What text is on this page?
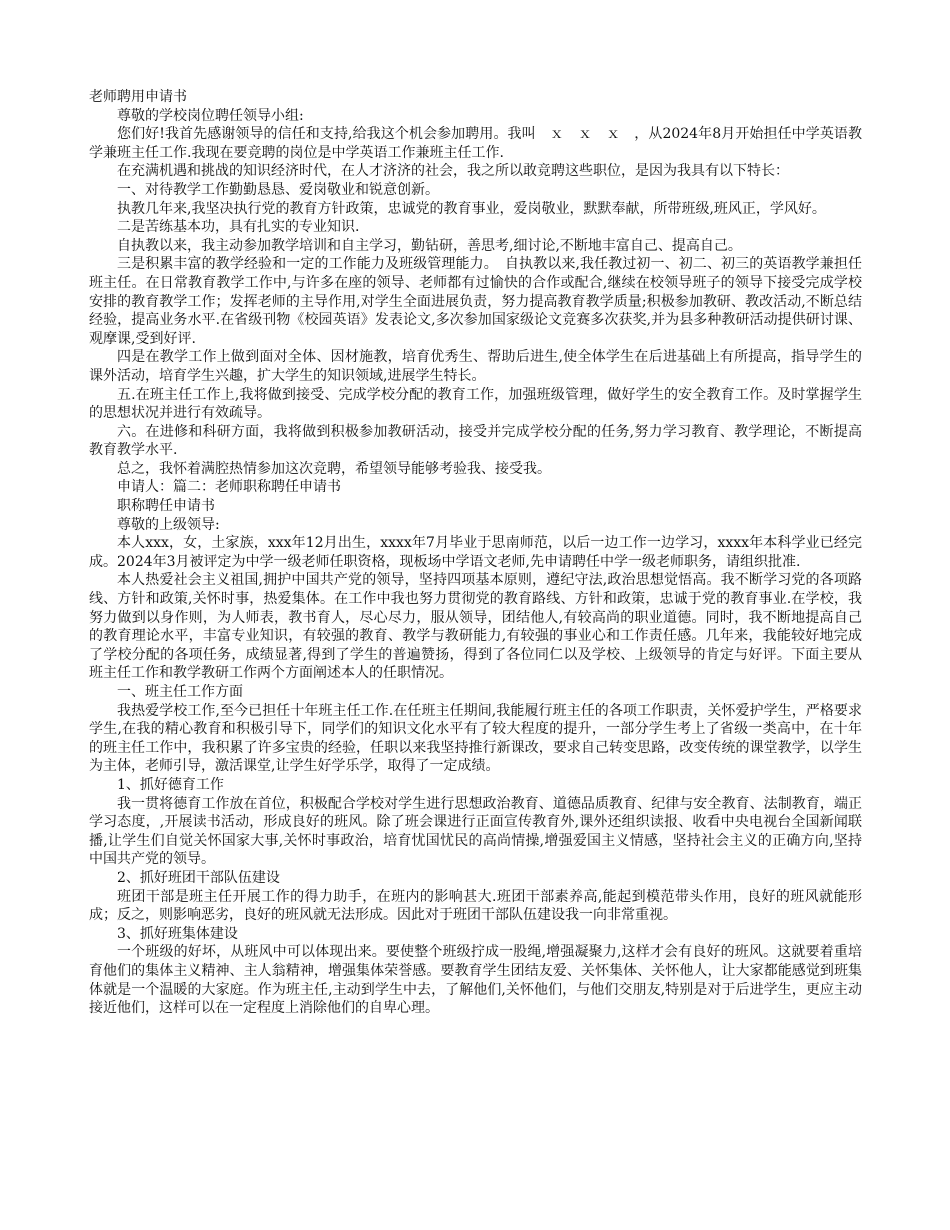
老师聘用申请书

尊敬的学校岗位聘任领导小组:

您们好!我首先感谢领导的信任和支持,给我这个机会参加聘用。我叫　ｘ　ｘ　ｘ　，从2024年8月开始担任中学英语教学兼班主任工作.我现在要竞聘的岗位是中学英语工作兼班主任工作.

在充满机遇和挑战的知识经济时代，在人才济济的社会，我之所以敢竞聘这些职位，是因为我具有以下特长：

一、对待教学工作勤勤恳恳、爱岗敬业和锐意创新。

执教几年来,我坚决执行党的教育方针政策，忠诚党的教育事业，爱岗敬业，默默奉献，所带班级,班风正，学风好。

二是苦练基本功，具有扎实的专业知识.

自执教以来，我主动参加教学培训和自主学习，勤钻研，善思考,细讨论,不断地丰富自己、提高自己。

三是积累丰富的教学经验和一定的工作能力及班级管理能力。　自执教以来,我任教过初一、初二、初三的英语教学兼担任班主任。在日常教育教学工作中,与许多在座的领导、老师都有过愉快的合作或配合,继续在校领导班子的领导下接受完成学校安排的教育教学工作；发挥老师的主导作用,对学生全面进展负责，努力提高教育教学质量;积极参加教研、教改活动,不断总结经验，提高业务水平.在省级刊物《校园英语》发表论文,多次参加国家级论文竞赛多次获奖,并为县多种教研活动提供研讨课、观摩课,受到好评.

四是在教学工作上做到面对全体、因材施教，培育优秀生、帮助后进生,使全体学生在后进基础上有所提高，指导学生的课外活动，培育学生兴趣，扩大学生的知识领域,进展学生特长。

五.在班主任工作上,我将做到接受、完成学校分配的教育工作，加强班级管理，做好学生的安全教育工作。及时掌握学生的思想状况并进行有效疏导。

六。在进修和科研方面，我将做到积极参加教研活动，接受并完成学校分配的任务,努力学习教育、教学理论，不断提高教育教学水平.

总之，我怀着满腔热情参加这次竞聘，希望领导能够考验我、接受我。

申请人：篇二：老师职称聘任申请书

职称聘任申请书

尊敬的上级领导:

本人xxx，女，土家族，xxx年12月出生，xxxx年7月毕业于思南师范，以后一边工作一边学习，xxxx年本科学业已经完成。2024年3月被评定为中学一级老师任职资格，现板场中学语文老师,先申请聘任中学一级老师职务，请组织批准.

本人热爱社会主义祖国,拥护中国共产党的领导，坚持四项基本原则，遵纪守法,政治思想觉悟高。我不断学习党的各项路线、方针和政策,关怀时事，热爱集体。在工作中我也努力贯彻党的教育路线、方针和政策，忠诚于党的教育事业.在学校，我努力做到以身作则，为人师表，教书育人，尽心尽力，服从领导，团结他人,有较高尚的职业道德。同时，我不断地提高自己的教育理论水平，丰富专业知识，有较强的教育、教学与教研能力,有较强的事业心和工作责任感。几年来，我能较好地完成了学校分配的各项任务，成绩显著,得到了学生的普遍赞扬，得到了各位同仁以及学校、上级领导的肯定与好评。下面主要从班主任工作和教学教研工作两个方面阐述本人的任职情况。

一、班主任工作方面

我热爱学校工作,至今已担任十年班主任工作.在任班主任期间,我能履行班主任的各项工作职责，关怀爱护学生，严格要求学生,在我的精心教育和积极引导下，同学们的知识文化水平有了较大程度的提升，一部分学生考上了省级一类高中，在十年的班主任工作中，我积累了许多宝贵的经验，任职以来我坚持推行新课改，要求自己转变思路，改变传统的课堂教学，以学生为主体，老师引导，激活课堂,让学生好学乐学，取得了一定成绩。

1、抓好德育工作

我一贯将德育工作放在首位，积极配合学校对学生进行思想政治教育、道德品质教育、纪律与安全教育、法制教育，端正学习态度，,开展读书活动，形成良好的班风。除了班会课进行正面宣传教育外,课外还组织读报、收看中央电视台全国新闻联播,让学生们自觉关怀国家大事,关怀时事政治，培育忧国忧民的高尚情操,增强爱国主义情感，坚持社会主义的正确方向,坚持中国共产党的领导。

2、抓好班团干部队伍建设

班团干部是班主任开展工作的得力助手，在班内的影响甚大.班团干部素养高,能起到模范带头作用，良好的班风就能形成；反之，则影响恶劣，良好的班风就无法形成。因此对于班团干部队伍建设我一向非常重视。

3、抓好班集体建设

一个班级的好坏，从班风中可以体现出来。要使整个班级拧成一股绳,增强凝聚力,这样才会有良好的班风。这就要着重培育他们的集体主义精神、主人翁精神，增强集体荣誉感。要教育学生团结友爱、关怀集体、关怀他人，让大家都能感觉到班集体就是一个温暖的大家庭。作为班主任,主动到学生中去，了解他们,关怀他们，与他们交朋友,特别是对于后进学生，更应主动接近他们，这样可以在一定程度上消除他们的自卑心理。
